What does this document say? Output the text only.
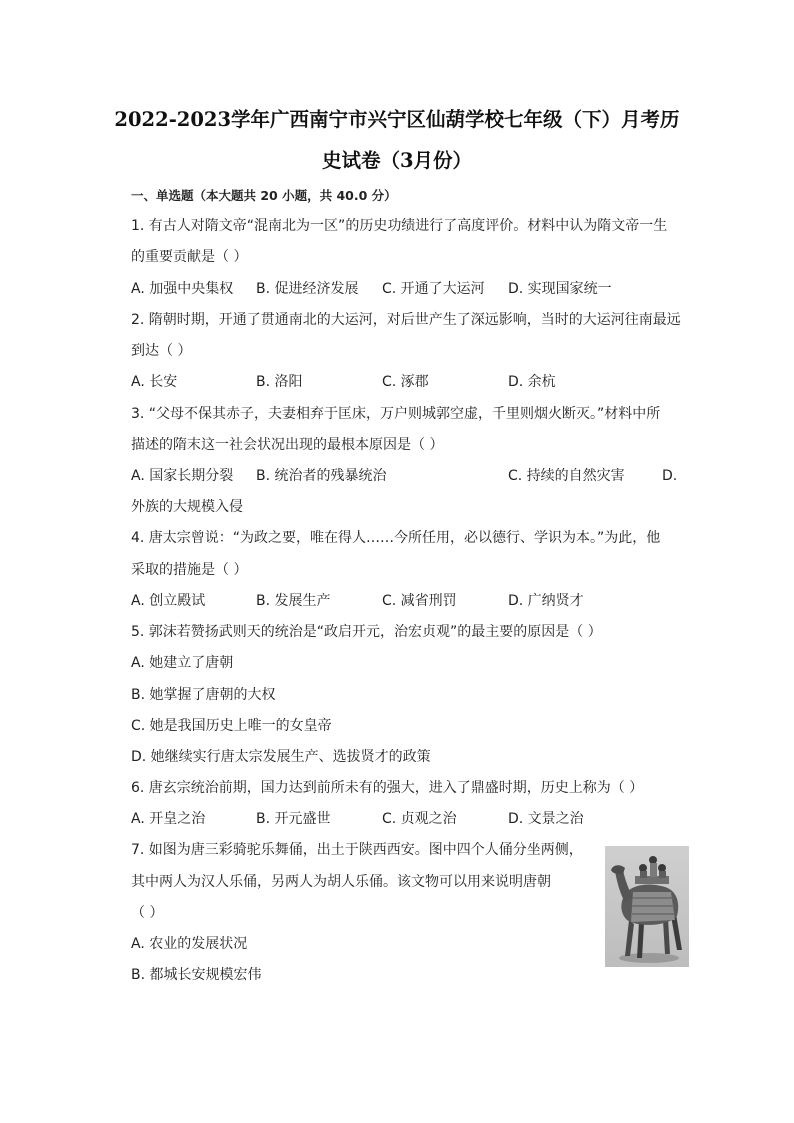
2022-2023学年广西南宁市兴宁区仙葫学校七年级（下）月考历
史试卷（3月份）
一、单选题（本大题共 20 小题，共 40.0 分）
1. 有古人对隋文帝“混南北为一区”的历史功绩进行了高度评价。材料中认为隋文帝一生
的重要贡献是（ ）
A. 加强中央集权 B. 促进经济发展 C. 开通了大运河 D. 实现国家统一
2. 隋朝时期，开通了贯通南北的大运河，对后世产生了深远影响，当时的大运河往南最远
到达（ ）
A. 长安	B. 洛阳	C. 涿郡	D. 余杭
3. “父母不保其赤子，夫妻相弃于匡床，万户则城郭空虚，千里则烟火断灭。”材料中所
描述的隋末这一社会状况出现的最根本原因是（ ）
A. 国家长期分裂 B. 统治者的残暴统治	C. 持续的自然灾害	D.
外族的大规模入侵
4. 唐太宗曾说：“为政之要，唯在得人……今所任用，必以德行、学识为本。”为此，他
采取的措施是（ ）
A. 创立殿试	B. 发展生产	C. 减省刑罚	D. 广纳贤才
5. 郭沫若赞扬武则天的统治是“政启开元，治宏贞观”的最主要的原因是（ ）
A. 她建立了唐朝
B. 她掌握了唐朝的大权
C. 她是我国历史上唯一的女皇帝
D. 她继续实行唐太宗发展生产、选拔贤才的政策
6. 唐玄宗统治前期，国力达到前所未有的强大，进入了鼎盛时期，历史上称为（ ）
A. 开皇之治	B. 开元盛世	C. 贞观之治	D. 文景之治
7. 如图为唐三彩骑驼乐舞俑，出土于陕西西安。图中四个人俑分坐两侧，
其中两人为汉人乐俑，另两人为胡人乐俑。该文物可以用来说明唐朝
（ ）
A. 农业的发展状况
B. 都城长安规模宏伟
